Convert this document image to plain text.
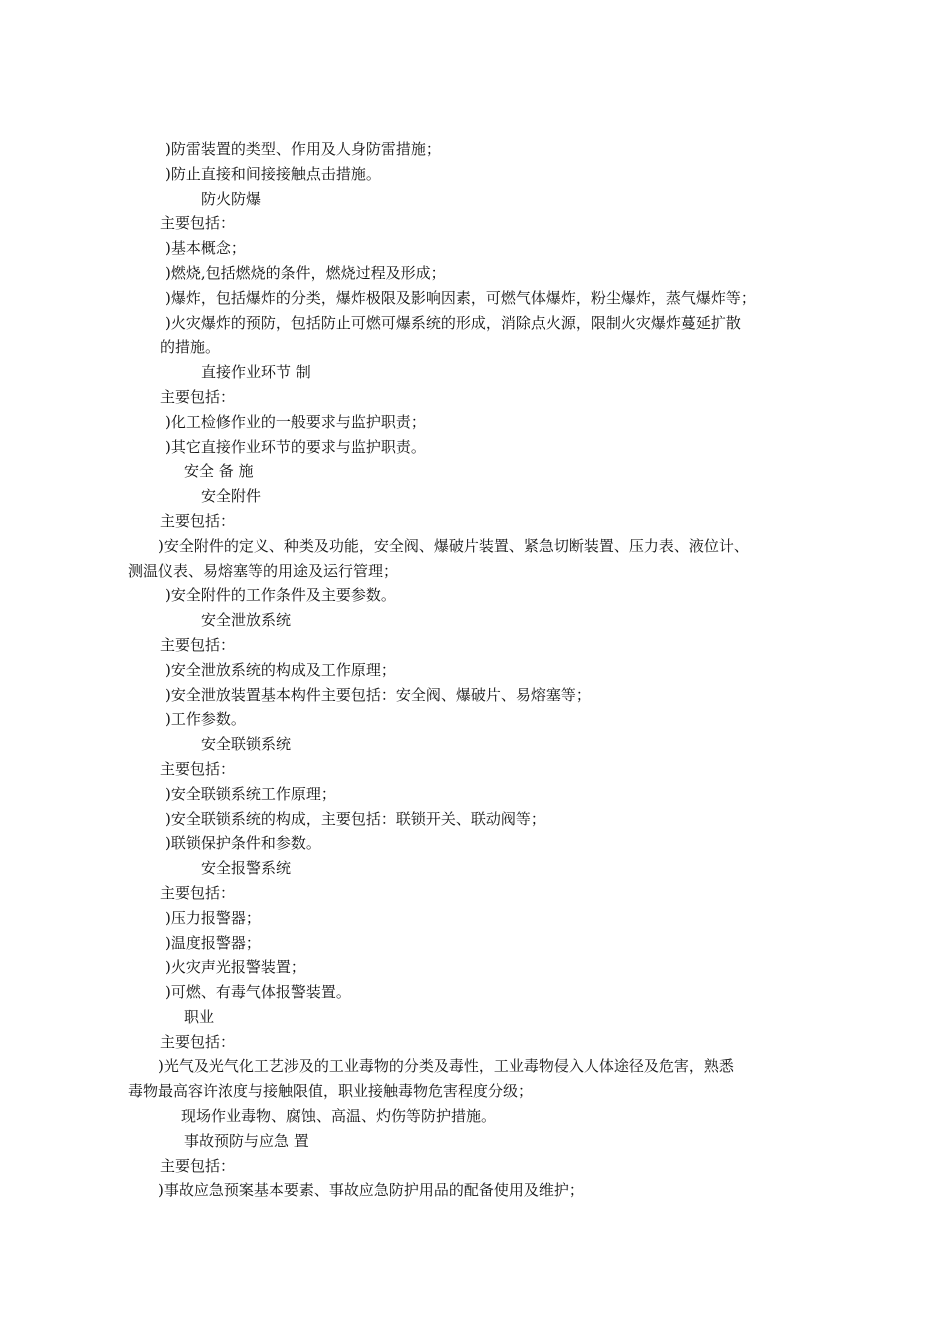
)防雷装置的类型、作用及人身防雷措施；
)防止直接和间接接触点击措施。
防火防爆
主要包括：
)基本概念；
)燃烧,包括燃烧的条件，燃烧过程及形成；
)爆炸，包括爆炸的分类，爆炸极限及影响因素，可燃气体爆炸，粉尘爆炸，蒸气爆炸等；
)火灾爆炸的预防，包括防止可燃可爆系统的形成，消除点火源，限制火灾爆炸蔓延扩散
的措施。
直接作业环节 制
主要包括：
)化工检修作业的一般要求与监护职责；
)其它直接作业环节的要求与监护职责。
安全 备 施
安全附件
主要包括：
)安全附件的定义、种类及功能，安全阀、爆破片装置、紧急切断装置、压力表、液位计、
测温仪表、易熔塞等的用途及运行管理；
)安全附件的工作条件及主要参数。
安全泄放系统
主要包括：
)安全泄放系统的构成及工作原理；
)安全泄放装置基本构件主要包括：安全阀、爆破片、易熔塞等；
)工作参数。
安全联锁系统
主要包括：
)安全联锁系统工作原理；
)安全联锁系统的构成，主要包括：联锁开关、联动阀等；
)联锁保护条件和参数。
安全报警系统
主要包括：
)压力报警器；
)温度报警器；
)火灾声光报警装置；
)可燃、有毒气体报警装置。
职业
主要包括：
)光气及光气化工艺涉及的工业毒物的分类及毒性，工业毒物侵入人体途径及危害，熟悉
毒物最高容许浓度与接触限值，职业接触毒物危害程度分级；
现场作业毒物、腐蚀、高温、灼伤等防护措施。
事故预防与应急 置
主要包括：
)事故应急预案基本要素、事故应急防护用品的配备使用及维护；
